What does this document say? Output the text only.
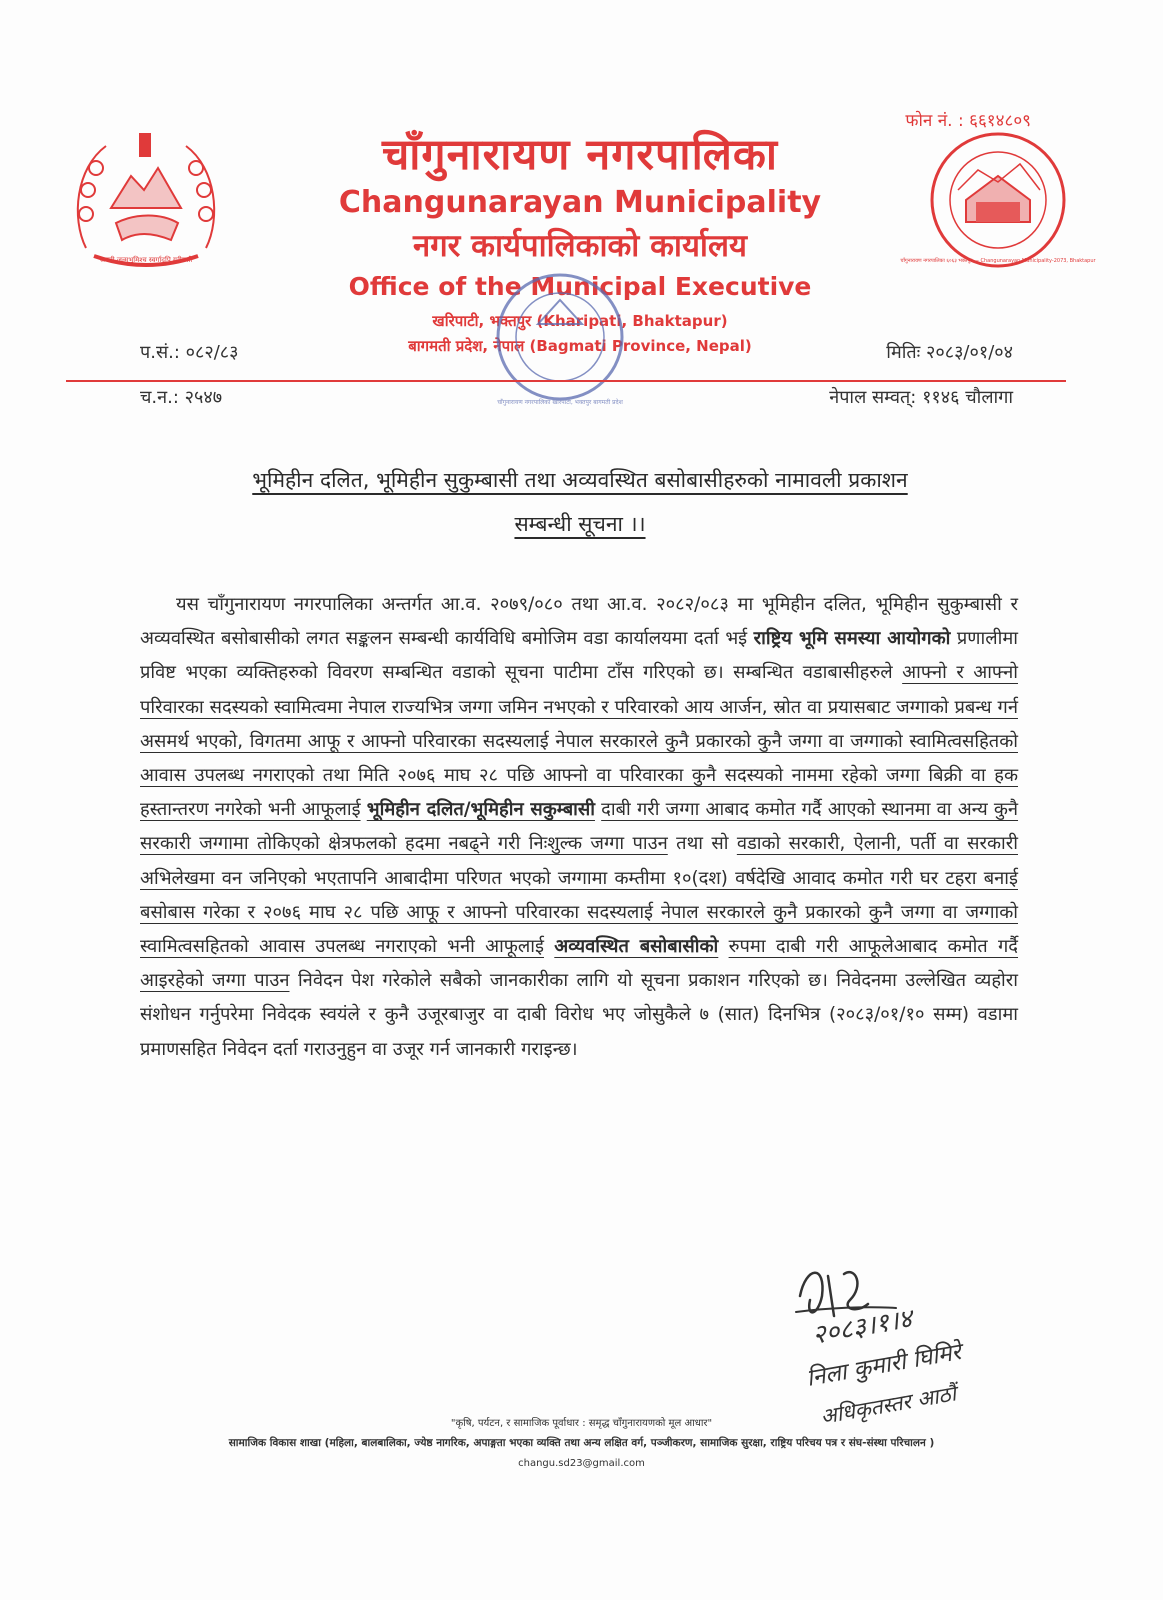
फोन नं. : ६६१४८०९
जननी जन्मभूमिश्च स्वर्गादपि गरीयसी	चाँगुनारायण नगरपालिका ६०६३ भक्तपुर — Changunarayan Municipality-2073, Bhaktapur
चाँगुनारायण नगरपालिका
Changunarayan Municipality
नगर कार्यपालिकाको कार्यालय
Office of the Municipal Executive
खरिपाटी, भक्तपुर (Kharipati, Bhaktapur)
बागमती प्रदेश, नेपाल (Bagmati Province, Nepal)
चाँगुनारायण नगरपालिका खरिपाटी, भक्तपुर बागमती प्रदेश
प.सं.: ०८२/८३	मितिः २०८३/०१/०४
च.न.: २५४७	नेपाल सम्वत्: ११४६ चौलागा
भूमिहीन दलित, भूमिहीन सुकुम्बासी तथा अव्यवस्थित बसोबासीहरुको नामावली प्रकाशन
सम्बन्धी सूचना ।।
यस चाँगुनारायण नगरपालिका अन्तर्गत आ.व. २०७९/०८० तथा आ.व. २०८२/०८३ मा भूमिहीन दलित, भूमिहीन सुकुम्बासी र अव्यवस्थित बसोबासीको लगत सङ्कलन सम्बन्धी कार्यविधि बमोजिम वडा कार्यालयमा दर्ता भई राष्ट्रिय भूमि समस्या आयोगको प्रणालीमा प्रविष्ट भएका व्यक्तिहरुको विवरण सम्बन्धित वडाको सूचना पाटीमा टाँस गरिएको छ। सम्बन्धित वडाबासीहरुले आफ्नो र आफ्नो परिवारका सदस्यको स्वामित्वमा नेपाल राज्यभित्र जग्गा जमिन नभएको र परिवारको आय आर्जन, स्रोत वा प्रयासबाट जग्गाको प्रबन्ध गर्न असमर्थ भएको, विगतमा आफू र आफ्नो परिवारका सदस्यलाई नेपाल सरकारले कुनै प्रकारको कुनै जग्गा वा जग्गाको स्वामित्वसहितको आवास उपलब्ध नगराएको तथा मिति २०७६ माघ २८ पछि आफ्नो वा परिवारका कुनै सदस्यको नाममा रहेको जग्गा बिक्री वा हक हस्तान्तरण नगरेको भनी आफूलाई भूमिहीन दलित/भूमिहीन सकुम्बासी दाबी गरी जग्गा आबाद कमोत गर्दै आएको स्थानमा वा अन्य कुनै सरकारी जग्गामा तोकिएको क्षेत्रफलको हदमा नबढ्ने गरी निःशुल्क जग्गा पाउन तथा सो वडाको सरकारी, ऐलानी, पर्ती वा सरकारी अभिलेखमा वन जनिएको भएतापनि आबादीमा परिणत भएको जग्गामा कम्तीमा १०(दश) वर्षदेखि आवाद कमोत गरी घर टहरा बनाई बसोबास गरेका र २०७६ माघ २८ पछि आफू र आफ्नो परिवारका सदस्यलाई नेपाल सरकारले कुनै प्रकारको कुनै जग्गा वा जग्गाको स्वामित्वसहितको आवास उपलब्ध नगराएको भनी आफूलाई अव्यवस्थित बसोबासीको रुपमा दाबी गरी आफूलेआबाद कमोत गर्दै आइरहेको जग्गा पाउन निवेदन पेश गरेकोले सबैको जानकारीका लागि यो सूचना प्रकाशन गरिएको छ। निवेदनमा उल्लेखित व्यहोरा संशोधन गर्नुपरेमा निवेदक स्वयंले र कुनै उजूरबाजुर वा दाबी विरोध भए जोसुकैले ७ (सात) दिनभित्र (२०८३/०१/१० सम्म) वडामा प्रमाणसहित निवेदन दर्ता गराउनुहुन वा उजूर गर्न जानकारी गराइन्छ।
२०८३।१।४
निला कुमारी घिमिरे
अधिकृतस्तर आठौं
"कृषि, पर्यटन, र सामाजिक पूर्वाधार : समृद्ध चाँगुनारायणको मूल आधार"
सामाजिक विकास शाखा (महिला, बालबालिका, ज्येष्ठ नागरिक, अपाङ्गता भएका व्यक्ति तथा अन्य लक्षित वर्ग, पञ्जीकरण, सामाजिक सुरक्षा, राष्ट्रिय परिचय पत्र र संघ-संस्था परिचालन )
changu.sd23@gmail.com
